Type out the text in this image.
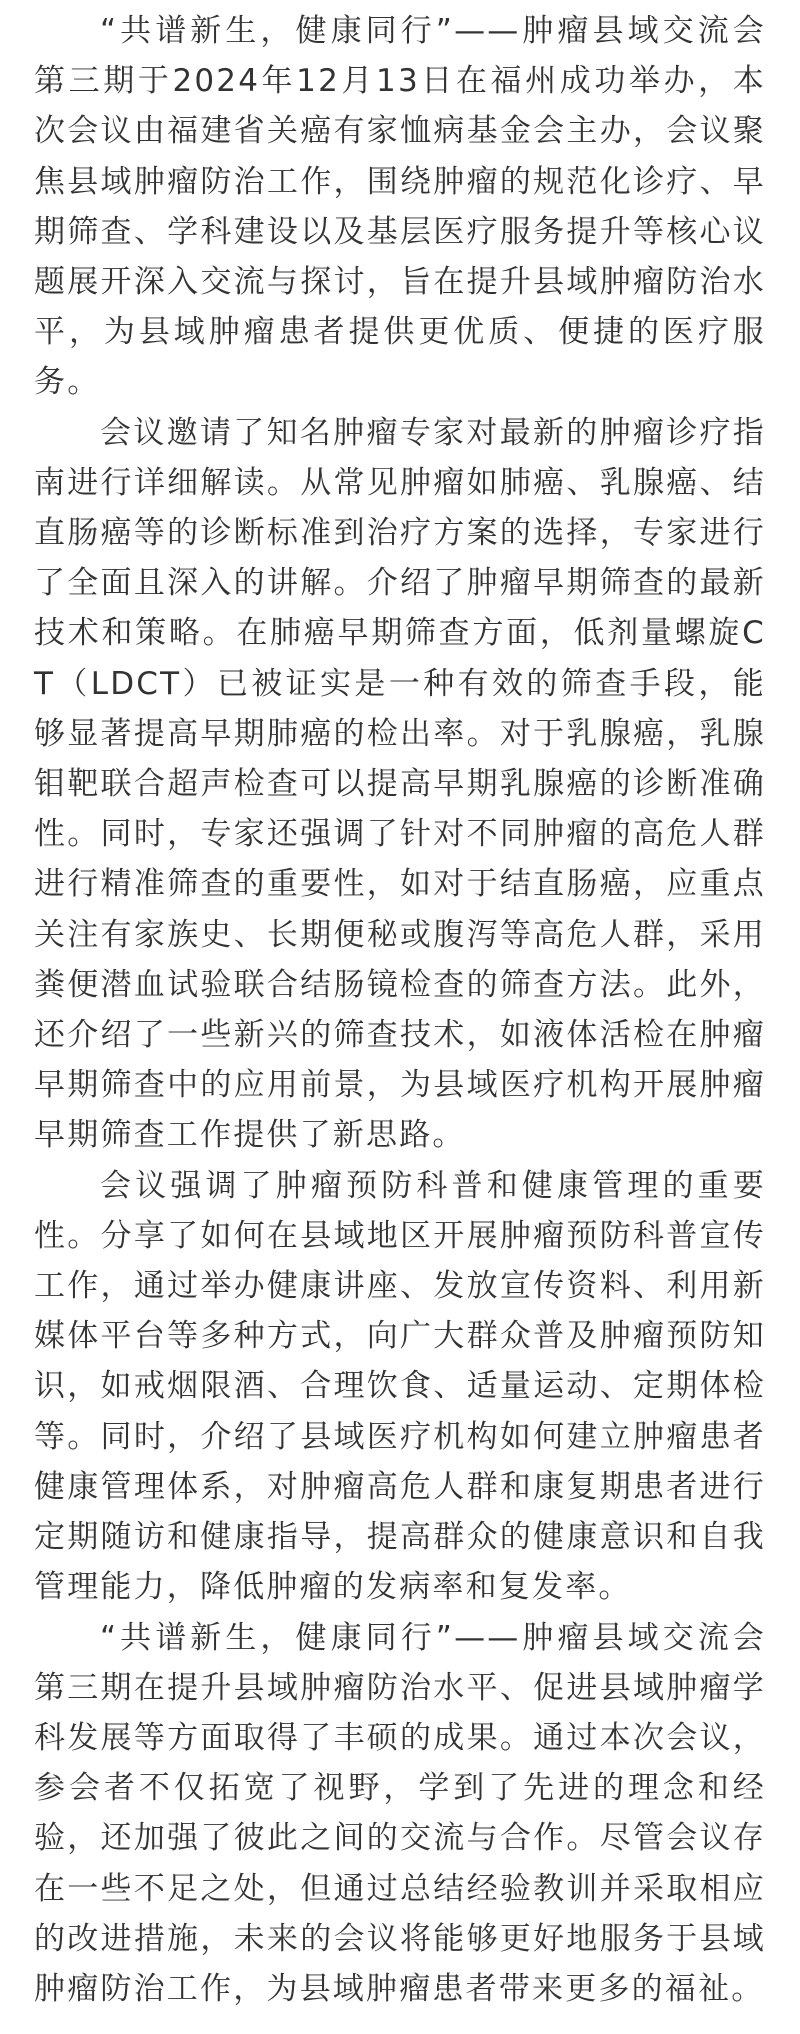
“共谱新生，健康同行”——肿瘤县域交流会第三期于2024年12月13日在福州成功举办，本次会议由福建省关癌有家恤病基金会主办，会议聚焦县域肿瘤防治工作，围绕肿瘤的规范化诊疗、早期筛查、学科建设以及基层医疗服务提升等核心议题展开深入交流与探讨，旨在提升县域肿瘤防治水平，为县域肿瘤患者提供更优质、便捷的医疗服务。

会议邀请了知名肿瘤专家对最新的肿瘤诊疗指南进行详细解读。从常见肿瘤如肺癌、乳腺癌、结直肠癌等的诊断标准到治疗方案的选择，专家进行了全面且深入的讲解。介绍了肿瘤早期筛查的最新技术和策略。在肺癌早期筛查方面，低剂量螺旋CT（LDCT）已被证实是一种有效的筛查手段，能够显著提高早期肺癌的检出率。对于乳腺癌，乳腺钼靶联合超声检查可以提高早期乳腺癌的诊断准确性。同时，专家还强调了针对不同肿瘤的高危人群进行精准筛查的重要性，如对于结直肠癌，应重点关注有家族史、长期便秘或腹泻等高危人群，采用粪便潜血试验联合结肠镜检查的筛查方法。此外，还介绍了一些新兴的筛查技术，如液体活检在肿瘤早期筛查中的应用前景，为县域医疗机构开展肿瘤早期筛查工作提供了新思路。

会议强调了肿瘤预防科普和健康管理的重要性。分享了如何在县域地区开展肿瘤预防科普宣传工作，通过举办健康讲座、发放宣传资料、利用新媒体平台等多种方式，向广大群众普及肿瘤预防知识，如戒烟限酒、合理饮食、适量运动、定期体检等。同时，介绍了县域医疗机构如何建立肿瘤患者健康管理体系，对肿瘤高危人群和康复期患者进行定期随访和健康指导，提高群众的健康意识和自我管理能力，降低肿瘤的发病率和复发率。

“共谱新生，健康同行”——肿瘤县域交流会第三期在提升县域肿瘤防治水平、促进县域肿瘤学科发展等方面取得了丰硕的成果。通过本次会议，参会者不仅拓宽了视野，学到了先进的理念和经验，还加强了彼此之间的交流与合作。尽管会议存在一些不足之处，但通过总结经验教训并采取相应的改进措施，未来的会议将能够更好地服务于县域肿瘤防治工作，为县域肿瘤患者带来更多的福祉。
